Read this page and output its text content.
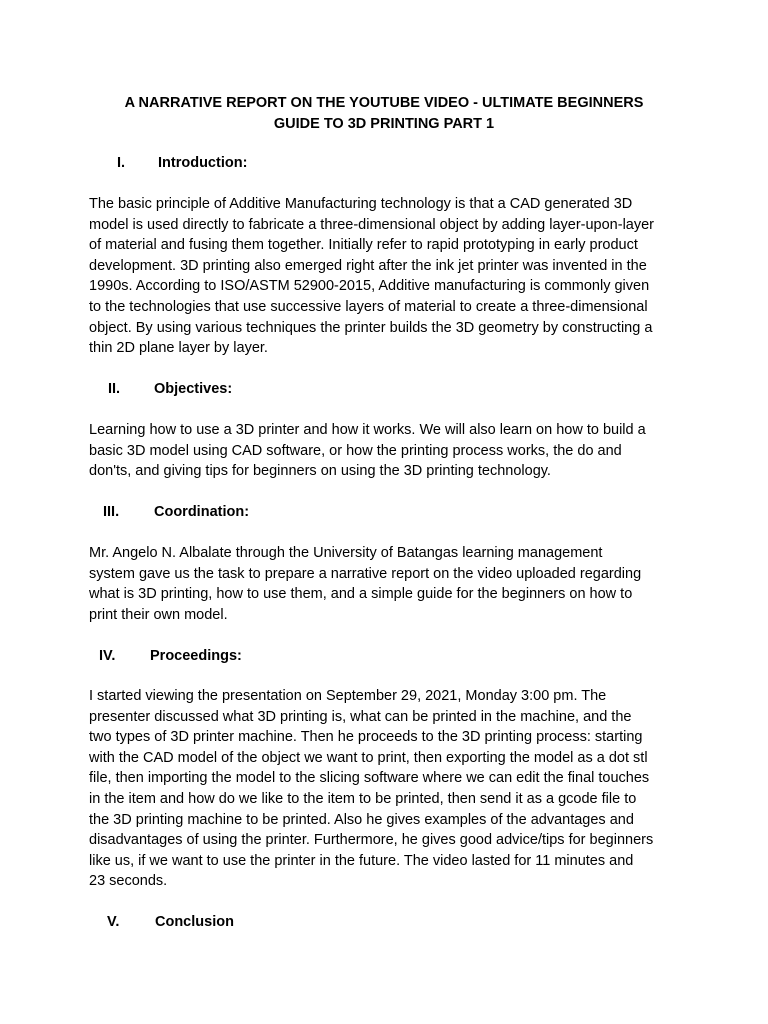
A NARRATIVE REPORT ON THE YOUTUBE VIDEO - ULTIMATE BEGINNERS
GUIDE TO 3D PRINTING PART 1
I. Introduction:

The basic principle of Additive Manufacturing technology is that a CAD generated 3D
model is used directly to fabricate a three-dimensional object by adding layer-upon-layer
of material and fusing them together. Initially refer to rapid prototyping in early product
development. 3D printing also emerged right after the ink jet printer was invented in the
1990s. According to ISO/ASTM 52900-2015, Additive manufacturing is commonly given
to the technologies that use successive layers of material to create a three-dimensional
object. By using various techniques the printer builds the 3D geometry by constructing a
thin 2D plane layer by layer.

II. Objectives:

Learning how to use a 3D printer and how it works. We will also learn on how to build a
basic 3D model using CAD software, or how the printing process works, the do and
don'ts, and giving tips for beginners on using the 3D printing technology.

III. Coordination:

Mr. Angelo N. Albalate through the University of Batangas learning management
system gave us the task to prepare a narrative report on the video uploaded regarding
what is 3D printing, how to use them, and a simple guide for the beginners on how to
print their own model.

IV. Proceedings:

I started viewing the presentation on September 29, 2021, Monday 3:00 pm. The
presenter discussed what 3D printing is, what can be printed in the machine, and the
two types of 3D printer machine. Then he proceeds to the 3D printing process: starting
with the CAD model of the object we want to print, then exporting the model as a dot stl
file, then importing the model to the slicing software where we can edit the final touches
in the item and how do we like to the item to be printed, then send it as a gcode file to
the 3D printing machine to be printed. Also he gives examples of the advantages and
disadvantages of using the printer. Furthermore, he gives good advice/tips for beginners
like us, if we want to use the printer in the future. The video lasted for 11 minutes and
23 seconds.

V. Conclusion
